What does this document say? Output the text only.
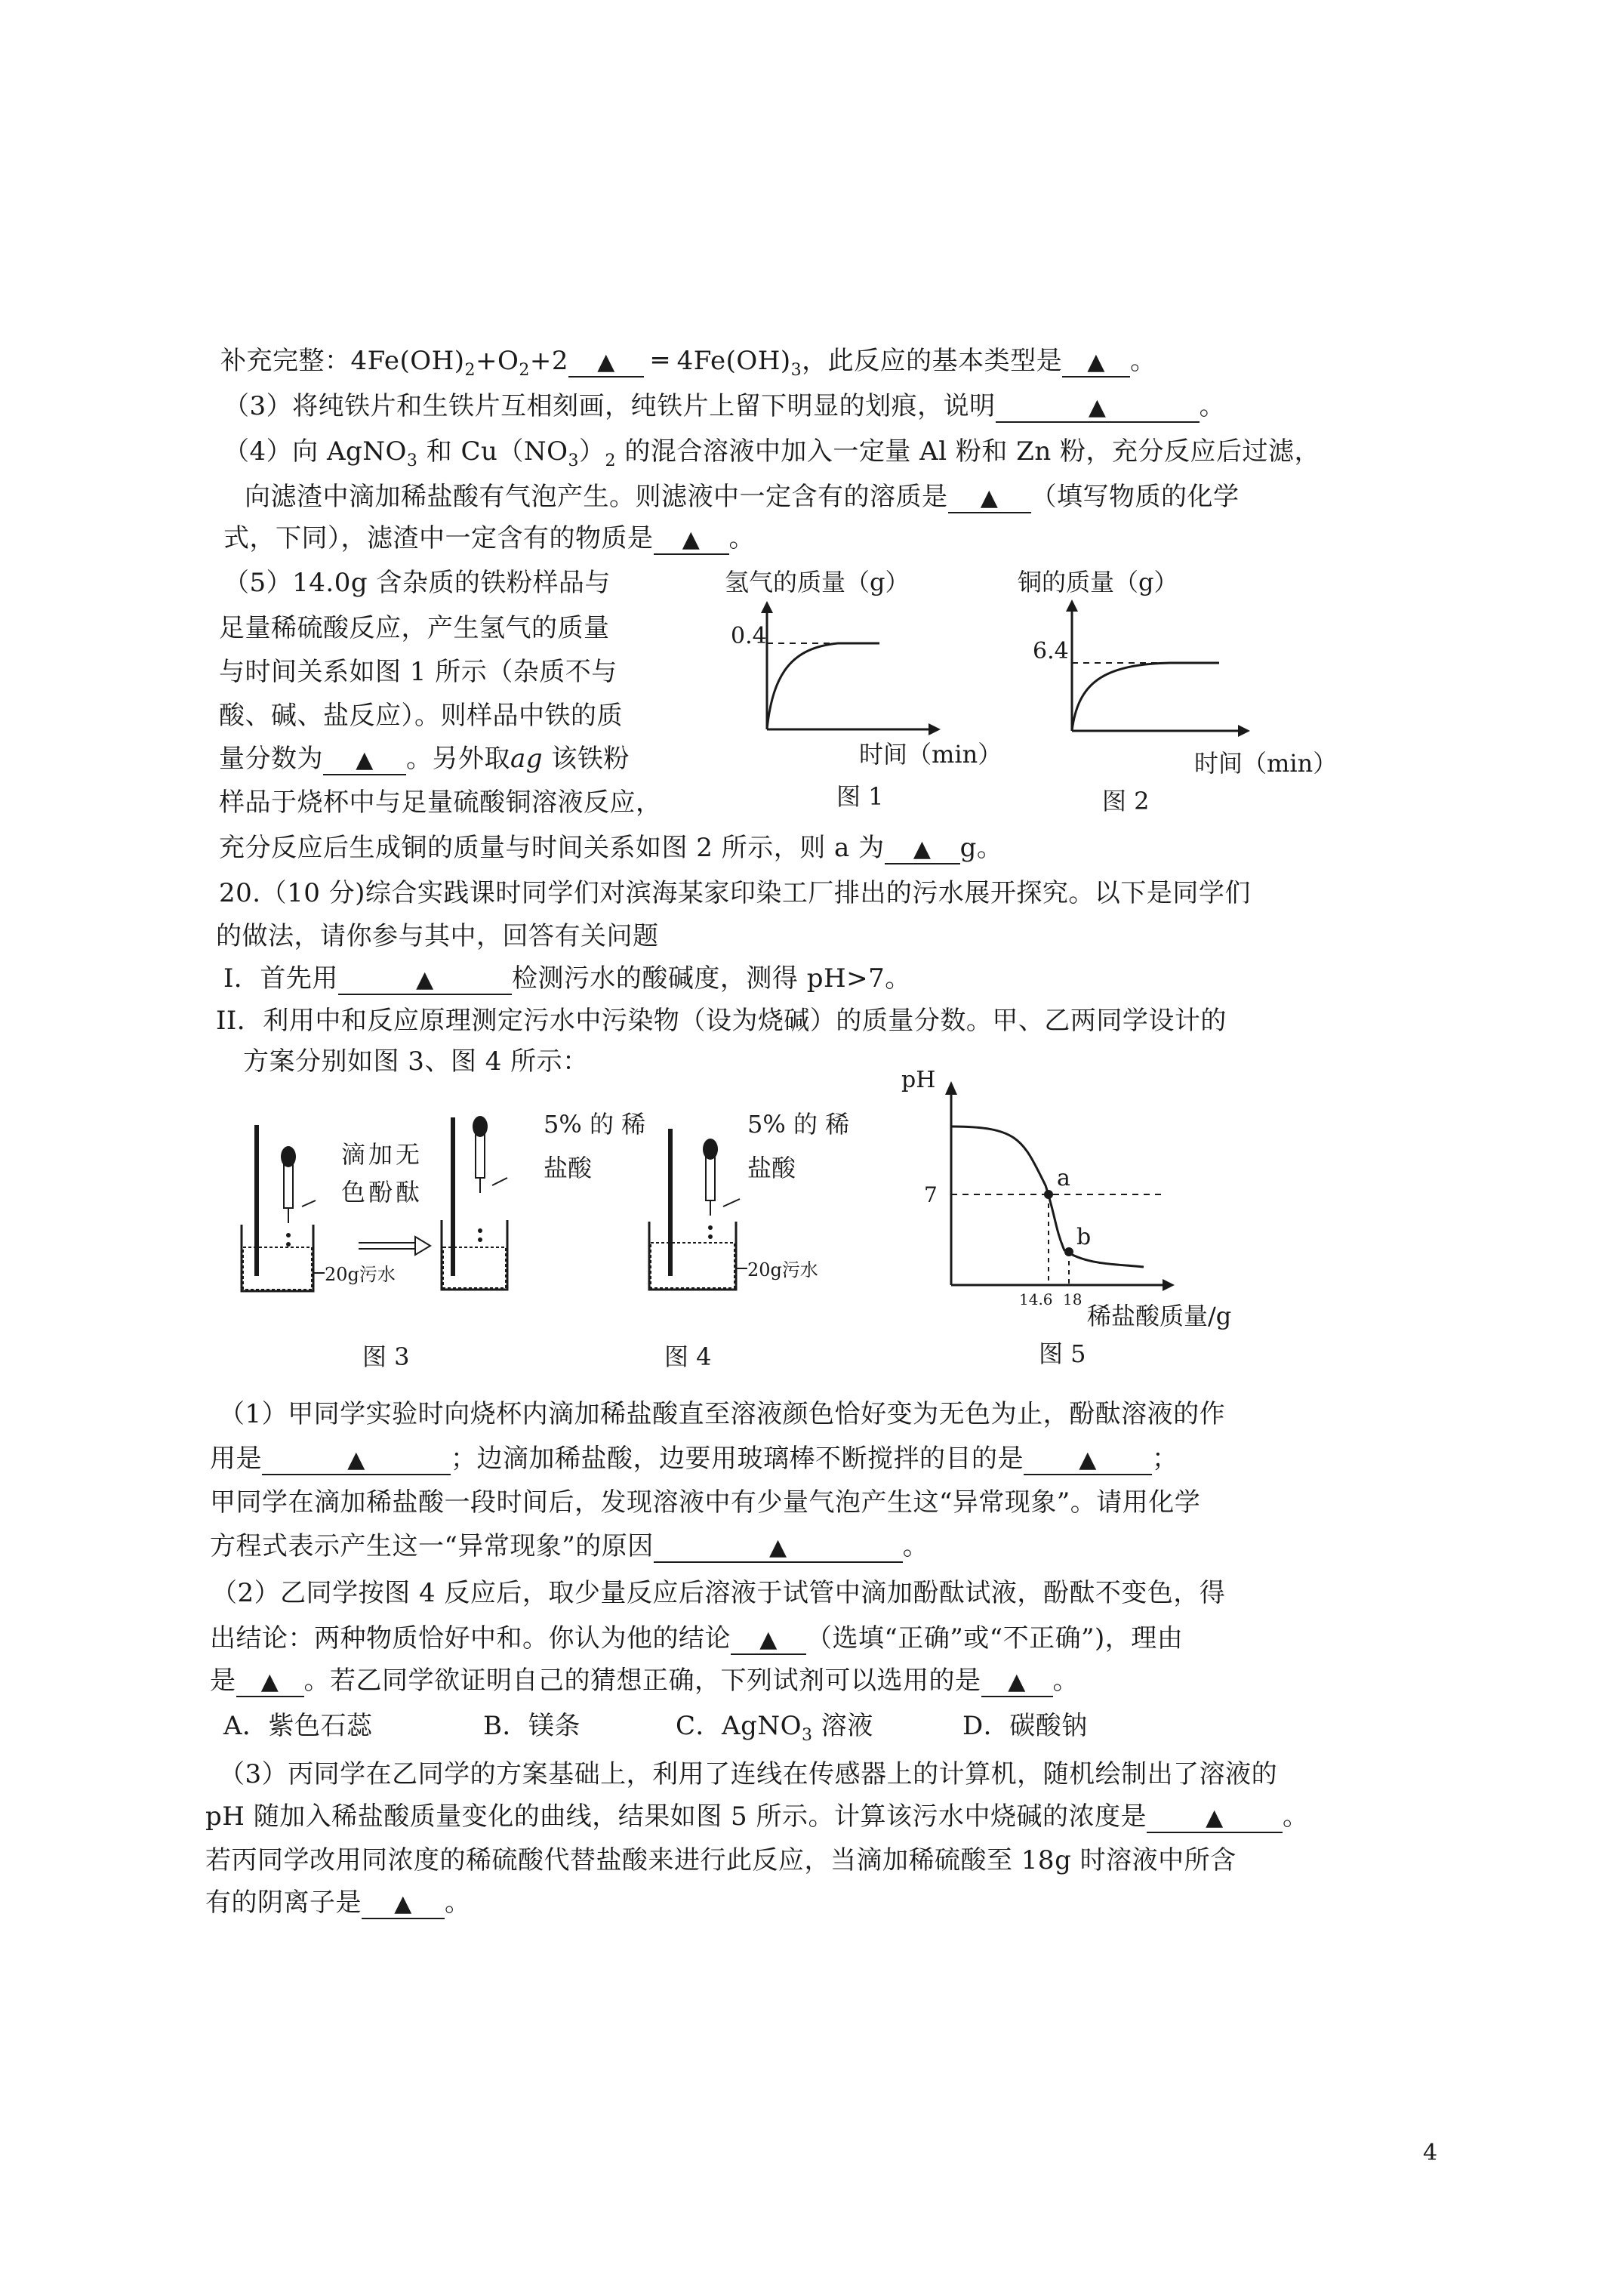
补充完整：$4Fe(OH)_2+O_2+2$ ▲ ═ $4Fe(OH)_3$，此反应的基本类型是 ▲ 。
（3）将纯铁片和生铁片互相刻画，纯铁片上留下明显的划痕，说明	▲	。
（4）向 AgNO$_3$ 和 $Cu(NO_3)_2$ 的混合溶液中加入一定量 Al 粉和 Zn 粉，充分反应后过滤，
向滤渣中滴加稀盐酸有气泡产生。则滤液中一定含有的溶质是 ▲ （填写物质的化学
式，下同），滤渣中一定含有的物质是 ▲ 。
（5）14.0g 含杂质的铁粉样品与
足量稀硫酸反应，产生氢气的质量
与时间关系如图 1 所示（杂质不与
酸、碱、盐反应）。则样品中铁的质
量分数为 ▲ 。另外取ag 该铁粉
样品于烧杯中与足量硫酸铜溶液反应，
充分反应后生成铜的质量与时间关系如图 2 所示，则 a 为 ▲ g。
氢气的质量（g）
0.4
时间（min）
图 1
铜的质量（g）
6.4
时间（min）
图 2
20.（10 分)综合实践课时同学们对滨海某家印染工厂排出的污水展开探究。以下是同学们
的做法，请你参与其中，回答有关问题
Ⅰ．首先用	▲	检测污水的酸碱度，测得 pH>7。
II．利用中和反应原理测定污水中污染物（设为烧碱）的质量分数。甲、乙两同学设计的
方案分别如图 3、图 4 所示：
20g污水
滴加无
色酚酞
5% 的 稀
盐酸
图 3
20g污水
5% 的 稀
盐酸
图 4
pH
a
b
7
14.6 18
稀盐酸质量/g
图 5
（1）甲同学实验时向烧杯内滴加稀盐酸直至溶液颜色恰好变为无色为止，酚酞溶液的作
用是	▲	；边滴加稀盐酸，边要用玻璃棒不断搅拌的目的是 ▲ ；
甲同学在滴加稀盐酸一段时间后，发现溶液中有少量气泡产生这“异常现象”。请用化学
方程式表示产生这一“异常现象”的原因	▲	。
（2）乙同学按图 4 反应后，取少量反应后溶液于试管中滴加酚酞试液，酚酞不变色，得
出结论：两种物质恰好中和。你认为他的结论 ▲ （选填“正确”或“不正确”)，理由
是 ▲ 。若乙同学欲证明自己的猜想正确，下列试剂可以选用的是 ▲ 。
A．紫色石蕊	B．镁条	C．AgNO$_3$ 溶液	D．碳酸钠
（3）丙同学在乙同学的方案基础上，利用了连线在传感器上的计算机，随机绘制出了溶液的
pH 随加入稀盐酸质量变化的曲线，结果如图 5 所示。计算该污水中烧碱的浓度是	▲ 。
若丙同学改用同浓度的稀硫酸代替盐酸来进行此反应，当滴加稀硫酸至 18g 时溶液中所含
有的阴离子是 ▲ 。
4
